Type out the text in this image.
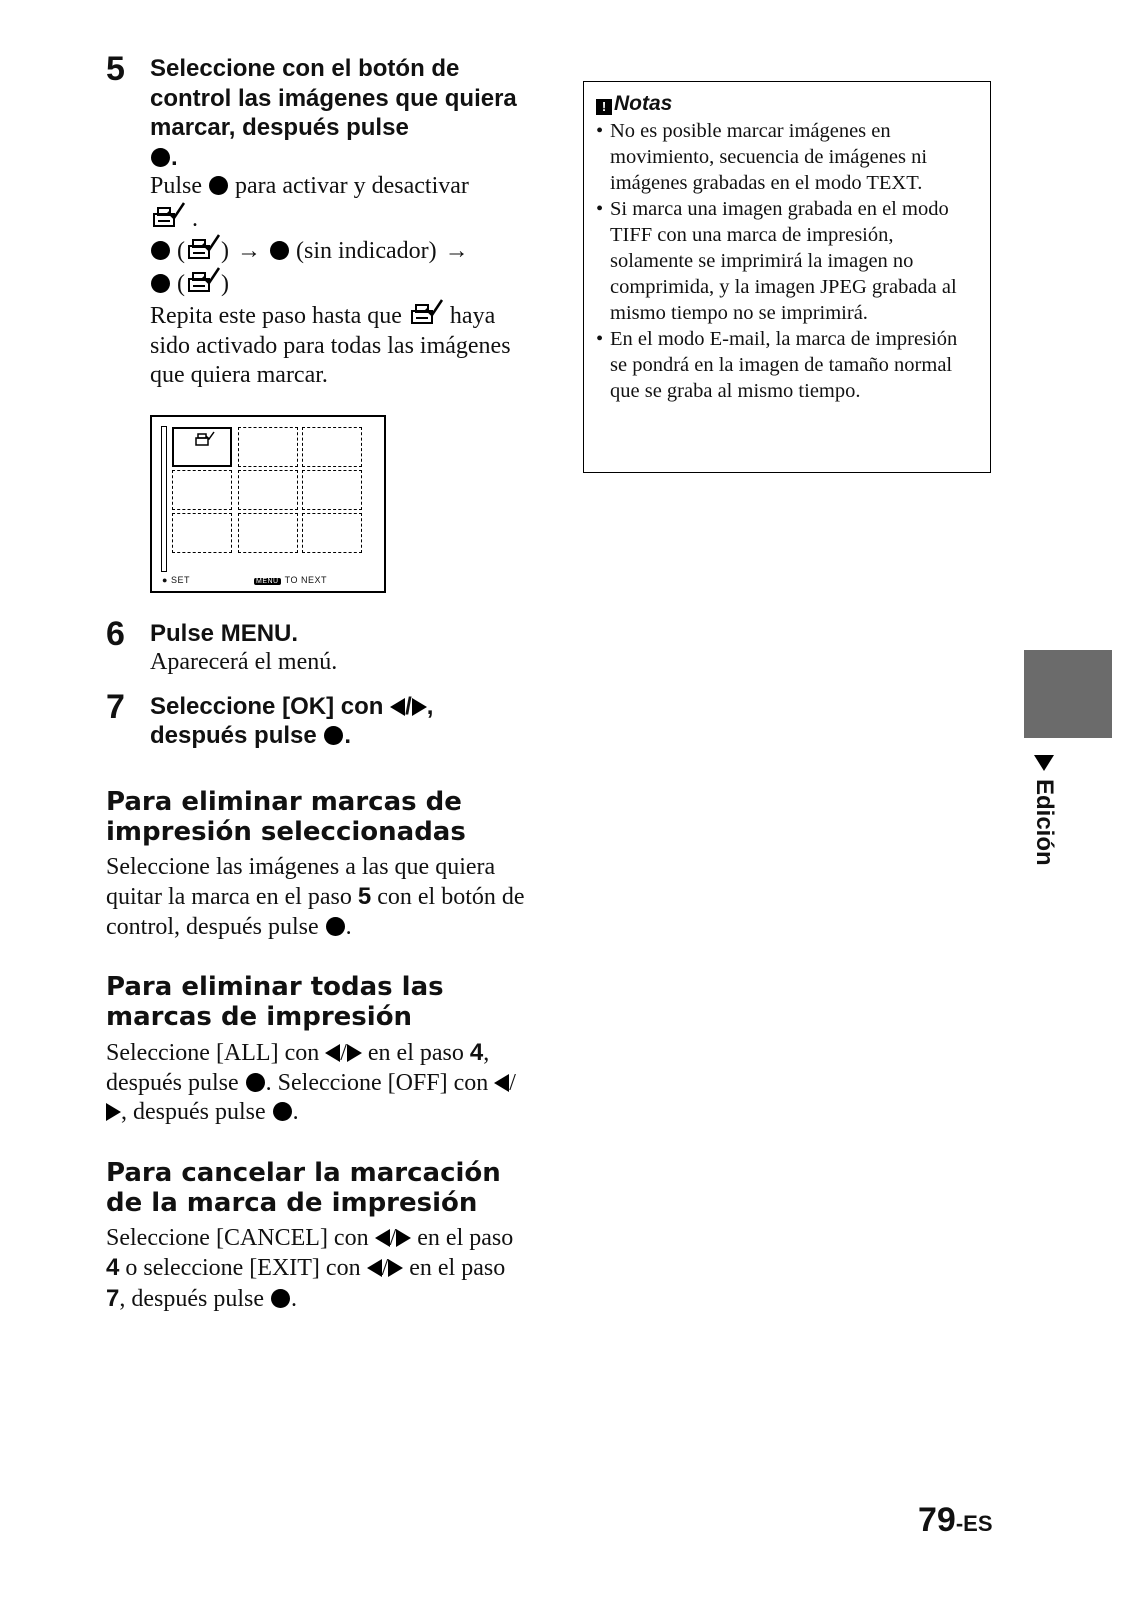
5 Seleccione con el botón de control las imágenes que quiera marcar, después pulse
.
Pulse para activar y desactivar
.
( ) → (sin indicador) →
( )
Repita este paso hasta que haya sido activado para todas las imágenes que quiera marcar.
● SET	MENU TO NEXT
6 Pulse MENU.
Aparecerá el menú.
7 Seleccione [OK] con / ,
después pulse .
Para eliminar marcas de impresión seleccionadas
Seleccione las imágenes a las que quiera quitar la marca en el paso 5 con el botón de control, después pulse .
Para eliminar todas las marcas de impresión
Seleccione [ALL] con / en el paso 4, después pulse . Seleccione [OFF] con /, después pulse .
Para cancelar la marcación de la marca de impresión
Seleccione [CANCEL] con / en el paso 4 o seleccione [EXIT] con / en el paso 7, después pulse .
! Notas
• No es posible marcar imágenes en movimiento, secuencia de imágenes ni imágenes grabadas en el modo TEXT.
• Si marca una imagen grabada en el modo TIFF con una marca de impresión, solamente se imprimirá la imagen no comprimida, y la imagen JPEG grabada al mismo tiempo no se imprimirá.
• En el modo E-mail, la marca de impresión se pondrá en la imagen de tamaño normal que se graba al mismo tiempo.
Edición
79-ES
